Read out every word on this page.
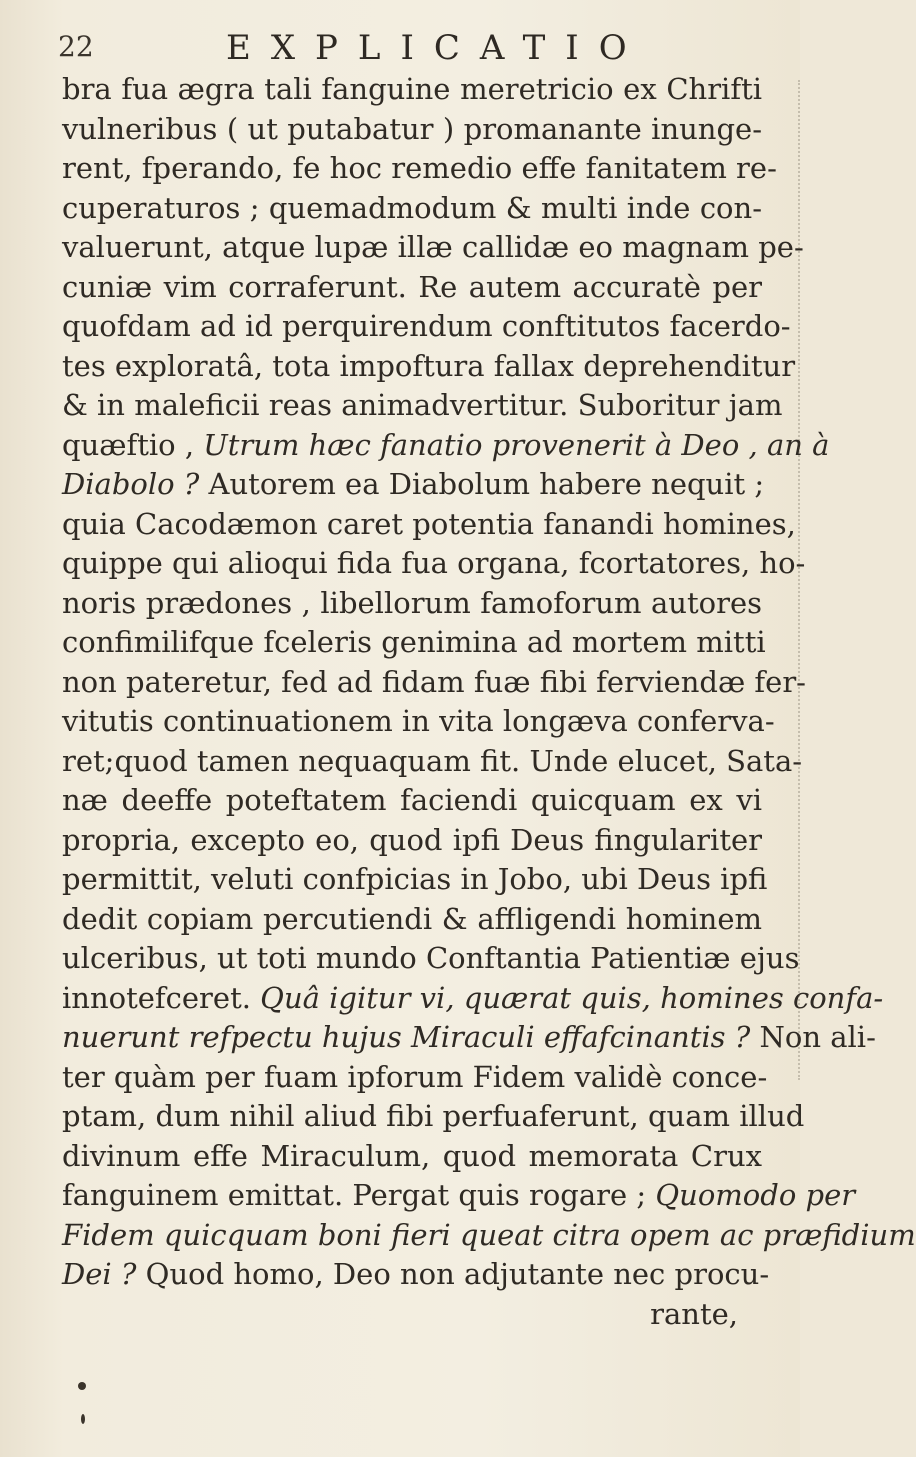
22	EXPLICATIO
bra fua ægra tali fanguine meretricio ex Chrifti
vulneribus ( ut putabatur ) promanante inunge-
rent, fperando, fe hoc remedio effe fanitatem re-
cuperaturos ; quemadmodum & multi inde con-
valuerunt, atque lupæ illæ callidæ eo magnam pe-
cuniæ vim corraferunt. Re autem accuratè per
quofdam ad id perquirendum conftitutos facerdo-
tes exploratâ, tota impoftura fallax deprehenditur
& in maleficii reas animadvertitur. Suboritur jam
quæftio , Utrum hæc fanatio provenerit à Deo , an à
Diabolo ? Autorem ea Diabolum habere nequit ;
quia Cacodæmon caret potentia fanandi homines,
quippe qui alioqui fida fua organa, fcortatores, ho-
noris prædones , libellorum famoforum autores
confimilifque fceleris genimina ad mortem mitti
non pateretur, fed ad fidam fuæ fibi ferviendæ fer-
vitutis continuationem in vita longæva conferva-
ret;quod tamen nequaquam fit. Unde elucet, Sata-
næ deeffe poteftatem faciendi quicquam ex vi
propria, excepto eo, quod ipfi Deus fingulariter
permittit, veluti confpicias in Jobo, ubi Deus ipfi
dedit copiam percutiendi & affligendi hominem
ulceribus, ut toti mundo Conftantia Patientiæ ejus
innotefceret. Quâ igitur vi, quærat quis, homines confa-
nuerunt refpectu hujus Miraculi effafcinantis ? Non ali-
ter quàm per fuam ipforum Fidem validè conce-
ptam, dum nihil aliud fibi perfuaferunt, quam illud
divinum effe Miraculum, quod memorata Crux
fanguinem emittat. Pergat quis rogare ; Quomodo per
Fidem quicquam boni fieri queat citra opem ac præfidium
Dei ? Quod homo, Deo non adjutante nec procu-
rante,
